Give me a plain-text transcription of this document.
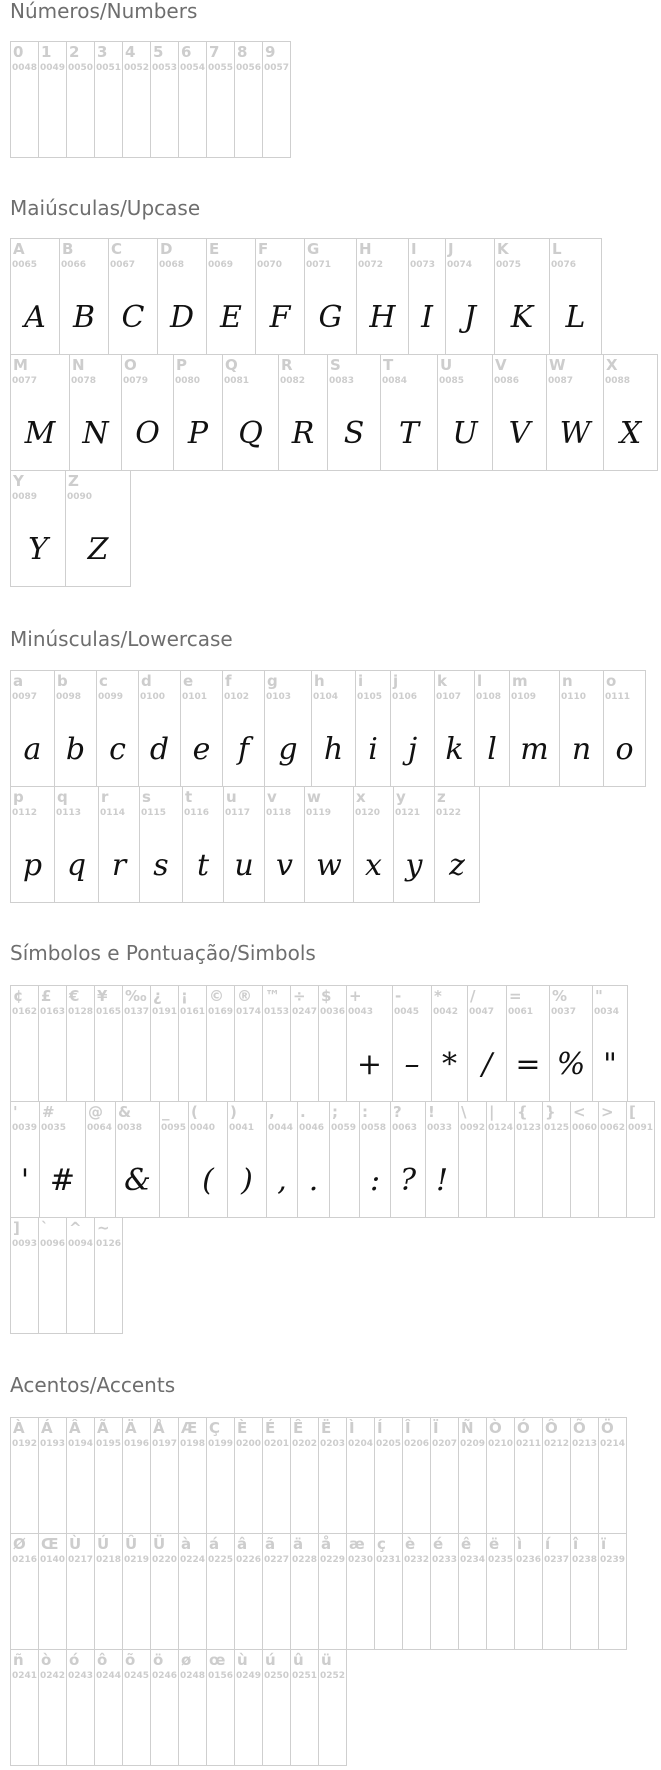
Números/Numbers
0
0048
1
0049
2
0050
3
0051
4
0052
5
0053
6
0054
7
0055
8
0056
9
0057
Maiúsculas/Upcase
A
0065
A
B
0066
B
C
0067
C
D
0068
D
E
0069
E
F
0070
F
G
0071
G
H
0072
H
I
0073
I
J
0074
J
K
0075
K
L
0076
L
M
0077
M
N
0078
N
O
0079
O
P
0080
P
Q
0081
Q
R
0082
R
S
0083
S
T
0084
T
U
0085
U
V
0086
V
W
0087
W
X
0088
X
Y
0089
Y
Z
0090
Z
Minúsculas/Lowercase
a
0097
a
b
0098
b
c
0099
c
d
0100
d
e
0101
e
f
0102
f
g
0103
g
h
0104
h
i
0105
i
j
0106
j
k
0107
k
l
0108
l
m
0109
m
n
0110
n
o
0111
o
p
0112
p
q
0113
q
r
0114
r
s
0115
s
t
0116
t
u
0117
u
v
0118
v
w
0119
w
x
0120
x
y
0121
y
z
0122
z
Símbolos e Pontuação/Simbols
¢
0162
£
0163
€
0128
¥
0165
‰
0137
¿
0191
¡
0161
©
0169
®
0174
™
0153
÷
0247
$
0036
+
0043
+
-
0045
–
*
0042
*
/
0047
/
=
0061
=
%
0037
%
"
0034
"
'
0039
'
#
0035
#
@
0064
&
0038
&
_
0095
(
0040
(
)
0041
)
,
0044
,
.
0046
.
;
0059
:
0058
:
?
0063
?
!
0033
!
\
0092
|
0124
{
0123
}
0125
<
0060
>
0062
[
0091
]
0093
`
0096
^
0094
~
0126
Acentos/Accents
À
0192
Á
0193
Â
0194
Ã
0195
Ä
0196
Å
0197
Æ
0198
Ç
0199
È
0200
É
0201
Ê
0202
Ë
0203
Ì
0204
Í
0205
Î
0206
Ï
0207
Ñ
0209
Ò
0210
Ó
0211
Ô
0212
Õ
0213
Ö
0214
Ø
0216
Œ
0140
Ù
0217
Ú
0218
Û
0219
Ü
0220
à
0224
á
0225
â
0226
ã
0227
ä
0228
å
0229
æ
0230
ç
0231
è
0232
é
0233
ê
0234
ë
0235
ì
0236
í
0237
î
0238
ï
0239
ñ
0241
ò
0242
ó
0243
ô
0244
õ
0245
ö
0246
ø
0248
œ
0156
ù
0249
ú
0250
û
0251
ü
0252
